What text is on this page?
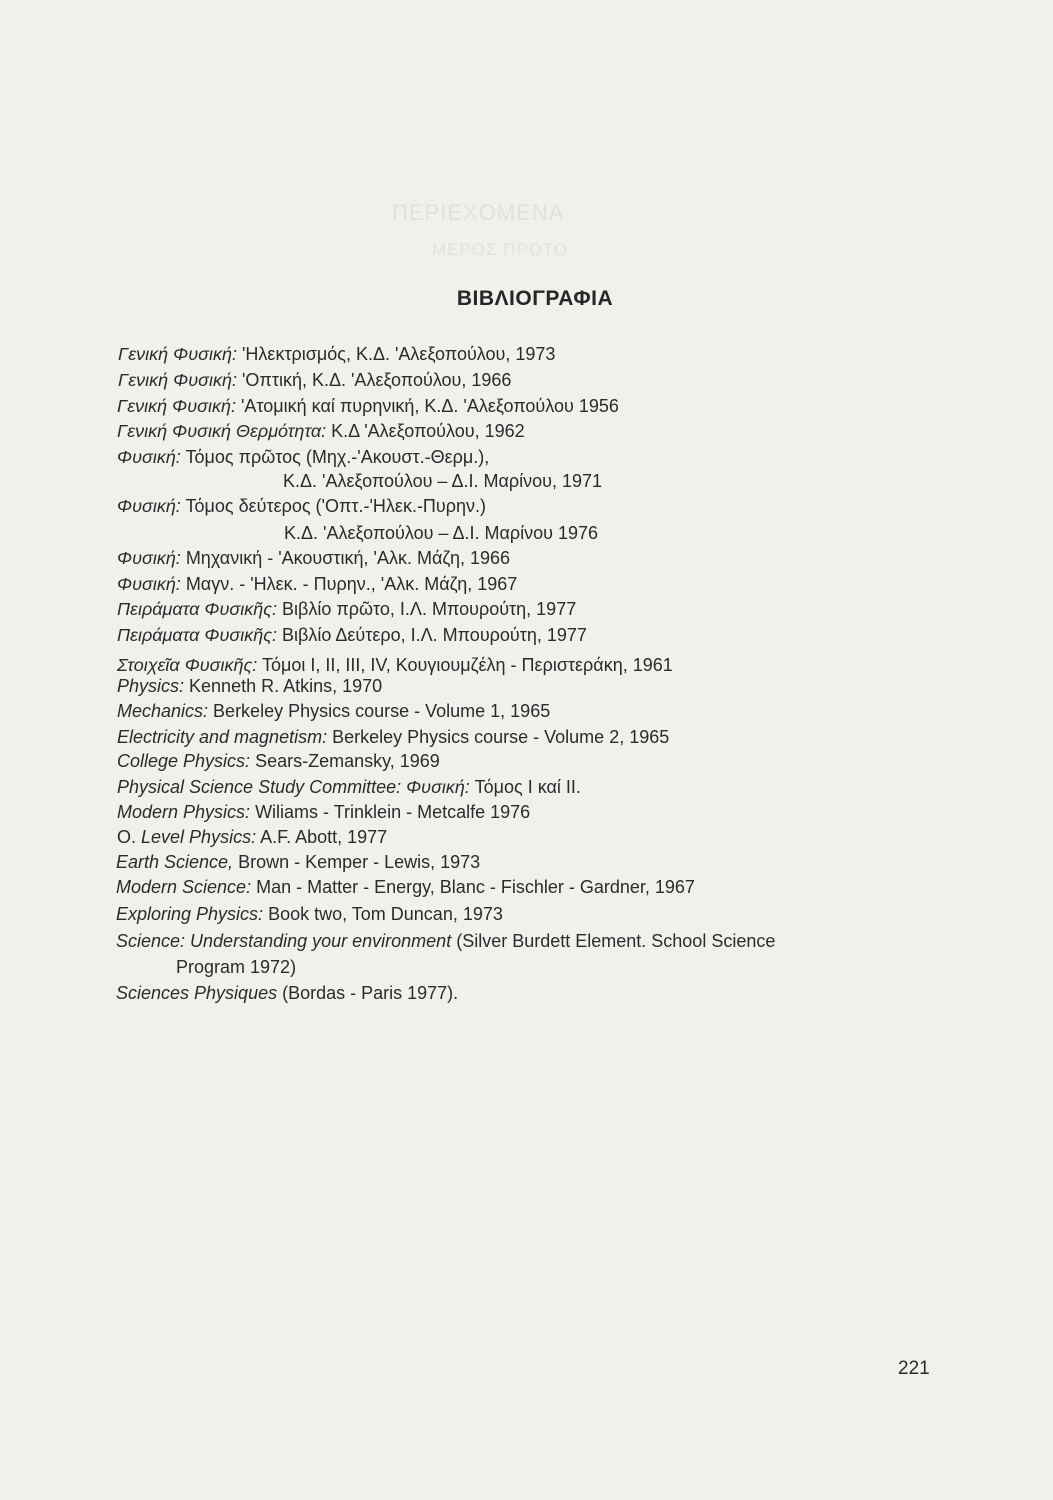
ΠΕΡΙΕΧΟΜΕΝΑ
ΜΕΡΟΣ ΠΡΩΤΟ
ΒΙΒΛΙΟΓΡΑΦΙΑ
Γενική Φυσική: 'Ηλεκτρισμός, Κ.Δ. 'Αλεξοπούλου, 1973
Γενική Φυσική: 'Οπτική, Κ.Δ. 'Αλεξοπούλου, 1966
Γενική Φυσική: 'Ατομική καί πυρηνική, Κ.Δ. 'Αλεξοπούλου 1956
Γενική Φυσική Θερμότητα: Κ.Δ 'Αλεξοπούλου, 1962
Φυσική: Τόμος πρῶτος (Μηχ.-'Ακουστ.-Θερμ.),
Κ.Δ. 'Αλεξοπούλου – Δ.Ι. Μαρίνου, 1971
Φυσική: Τόμος δεύτερος ('Οπτ.-'Ηλεκ.-Πυρην.)
Κ.Δ. 'Αλεξοπούλου – Δ.Ι. Μαρίνου 1976
Φυσική: Μηχανική - 'Ακουστική, 'Αλκ. Μάζη, 1966
Φυσική: Μαγν. - 'Ηλεκ. - Πυρην., 'Αλκ. Μάζη, 1967
Πειράματα Φυσικῆς: Βιβλίο πρῶτο, Ι.Λ. Μπουρούτη, 1977
Πειράματα Φυσικῆς: Βιβλίο Δεύτερο, Ι.Λ. Μπουρούτη, 1977
Στοιχεῖα Φυσικῆς: Τόμοι Ι, ΙΙ, ΙΙΙ, ΙV, Κουγιουμζέλη - Περιστεράκη, 1961
Physics: Kenneth R. Atkins, 1970
Mechanics: Berkeley Physics course - Volume 1, 1965
Electricity and magnetism: Berkeley Physics course - Volume 2, 1965
College Physics: Sears-Zemansky, 1969
Physical Science Study Committee: Φυσική: Τόμος Ι καί ΙΙ.
Modern Physics: Wiliams - Trinklein - Metcalfe 1976
O. Level Physics: A.F. Abott, 1977
Earth Science, Brown - Kemper - Lewis, 1973
Modern Science: Man - Matter - Energy, Blanc - Fischler - Gardner, 1967
Exploring Physics: Book two, Tom Duncan, 1973
Science: Understanding your environment (Silver Burdett Element. School Science
Program 1972)
Sciences Physiques (Bordas - Paris 1977).
221
